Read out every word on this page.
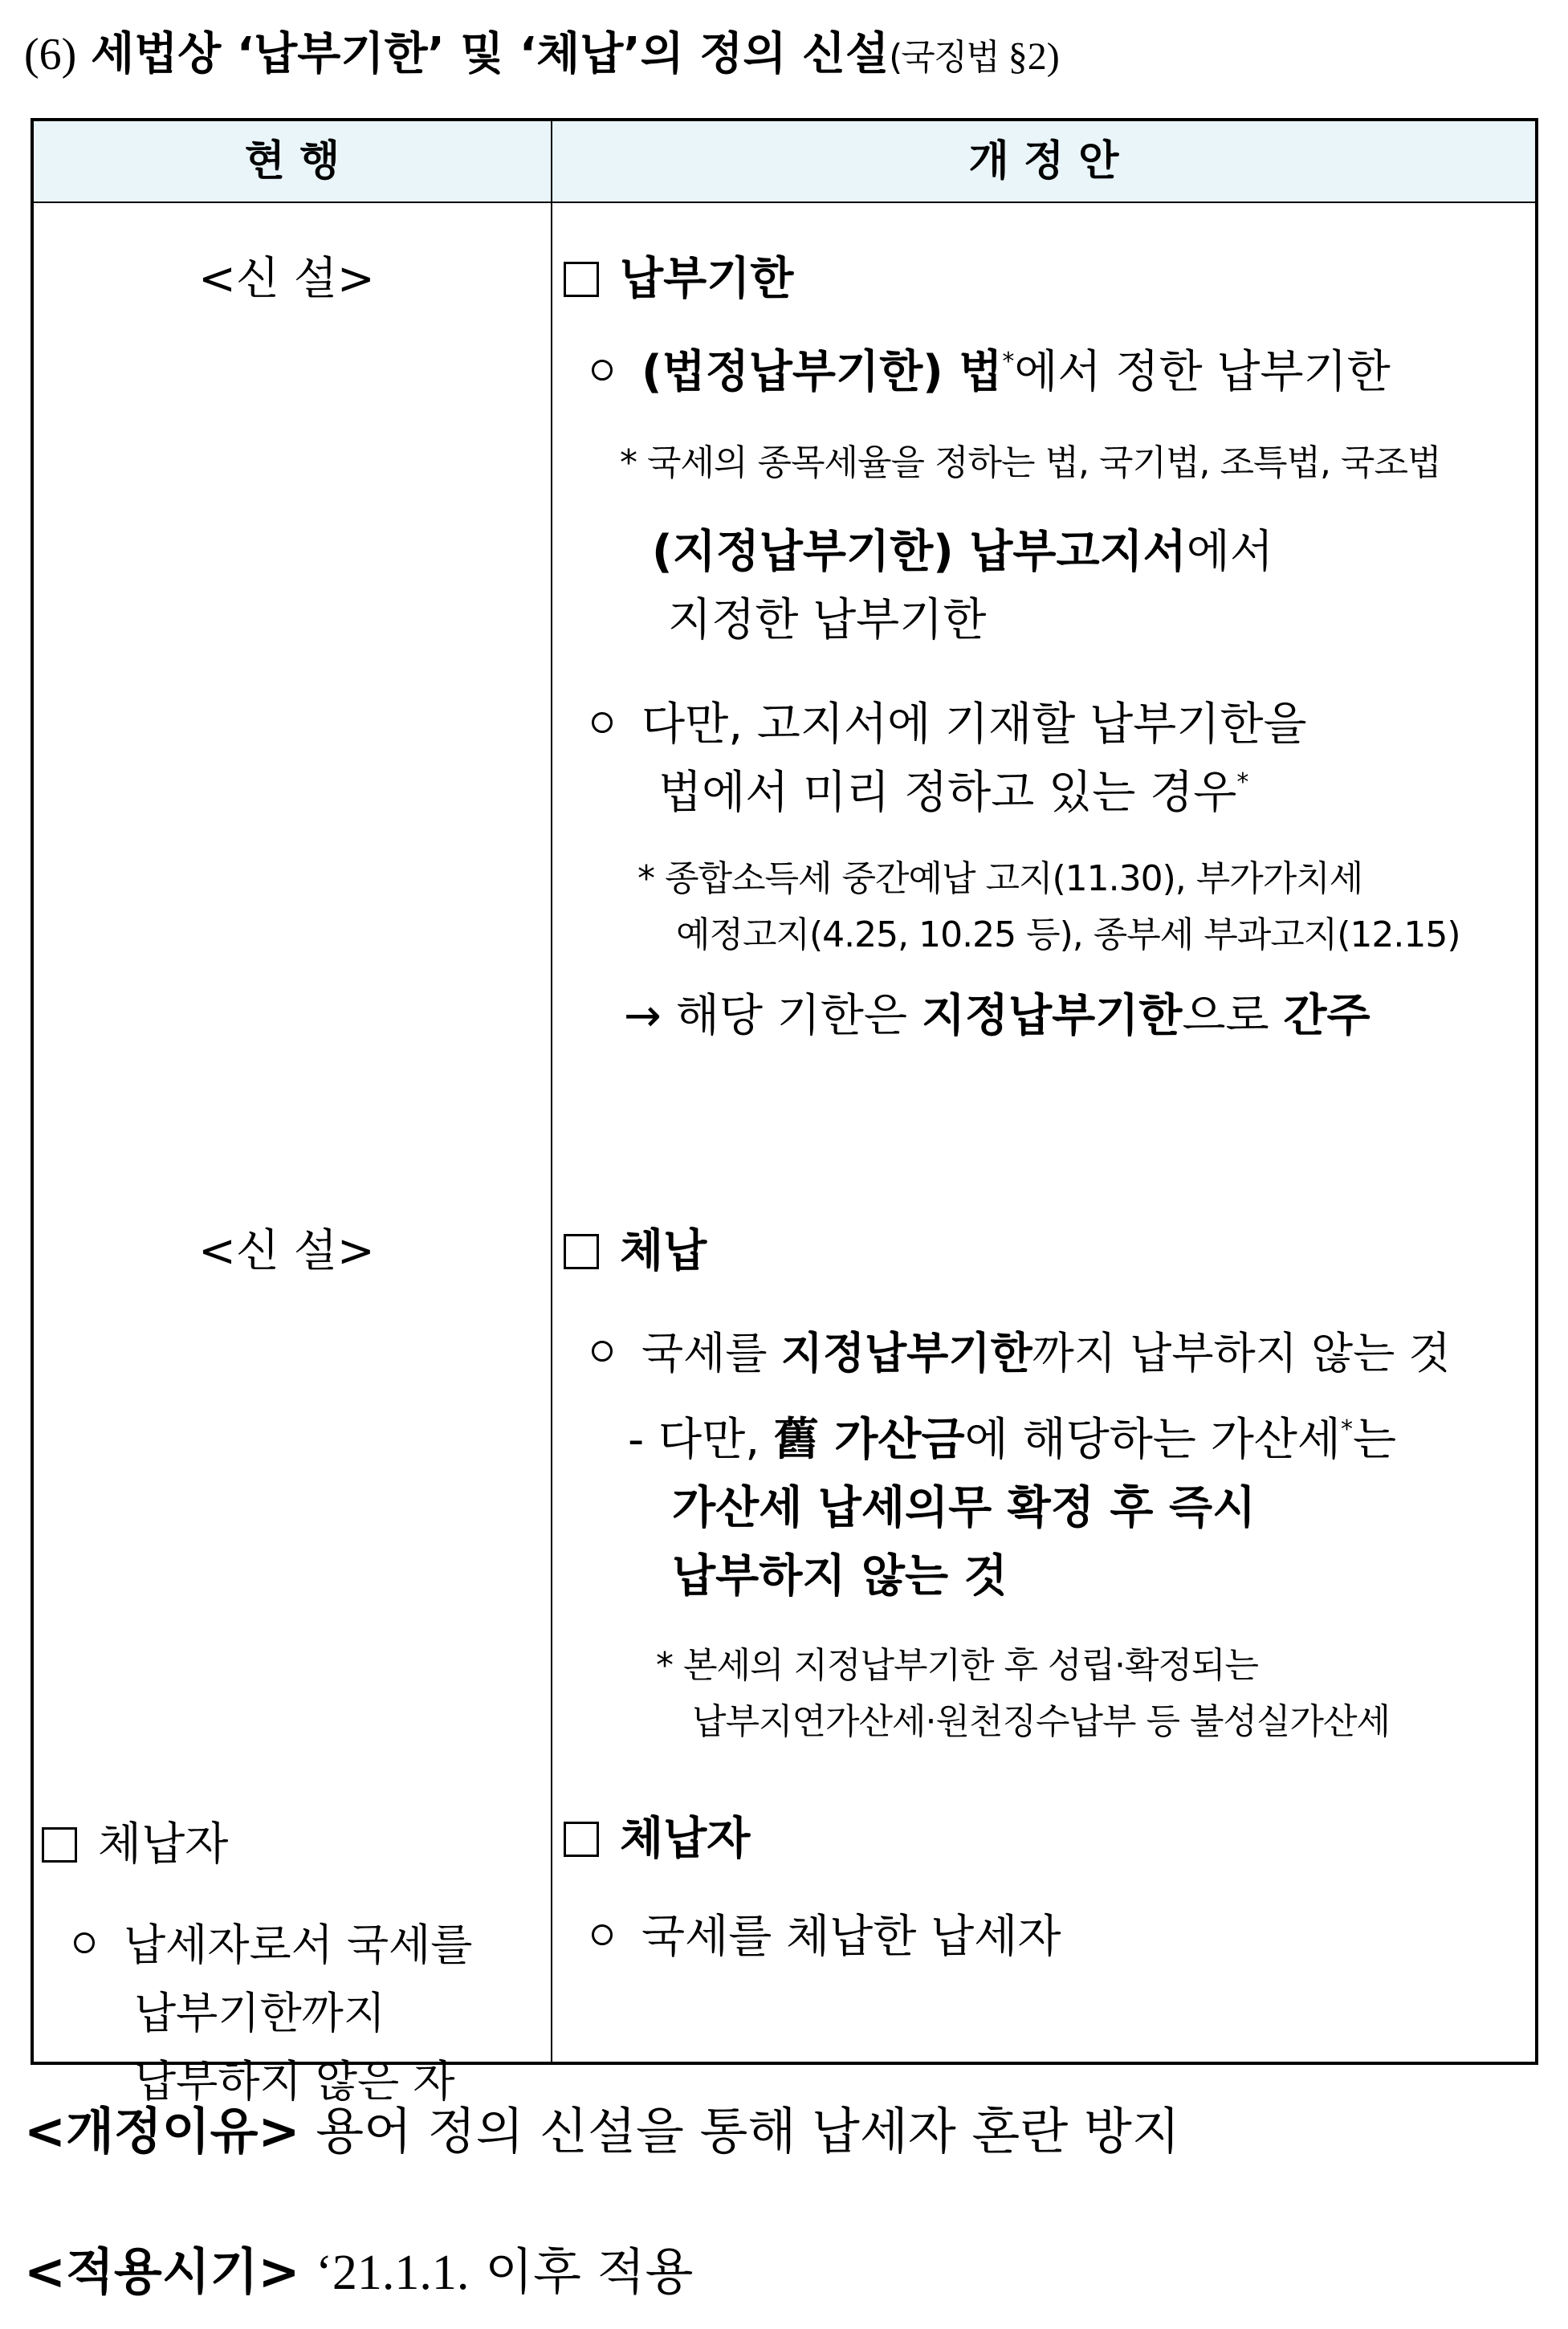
(6) 세법상 ‘납부기한’ 및 ‘체납’의 정의 신설(국징법 §2)
현 행	개 정 안
<신 설>
<신 설>
체납자
납세자로서 국세를
납부기한까지
납부하지 않은 자
납부기한
(법정납부기한) 법*에서 정한 납부기한
* 국세의 종목세율을 정하는 법, 국기법, 조특법, 국조법
(지정납부기한) 납부고지서에서
지정한 납부기한
다만, 고지서에 기재할 납부기한을
법에서 미리 정하고 있는 경우*
* 종합소득세 중간예납 고지(11.30), 부가가치세
예정고지(4.25, 10.25 등), 종부세 부과고지(12.15)
→ 해당 기한은 지정납부기한으로 간주
체납
국세를 지정납부기한까지 납부하지 않는 것
- 다만, 舊 가산금에 해당하는 가산세*는
가산세 납세의무 확정 후 즉시
납부하지 않는 것
* 본세의 지정납부기한 후 성립·확정되는
납부지연가산세·원천징수납부 등 불성실가산세
체납자
국세를 체납한 납세자
<개정이유> 용어 정의 신설을 통해 납세자 혼란 방지
<적용시기> ‘21.1.1. 이후 적용
